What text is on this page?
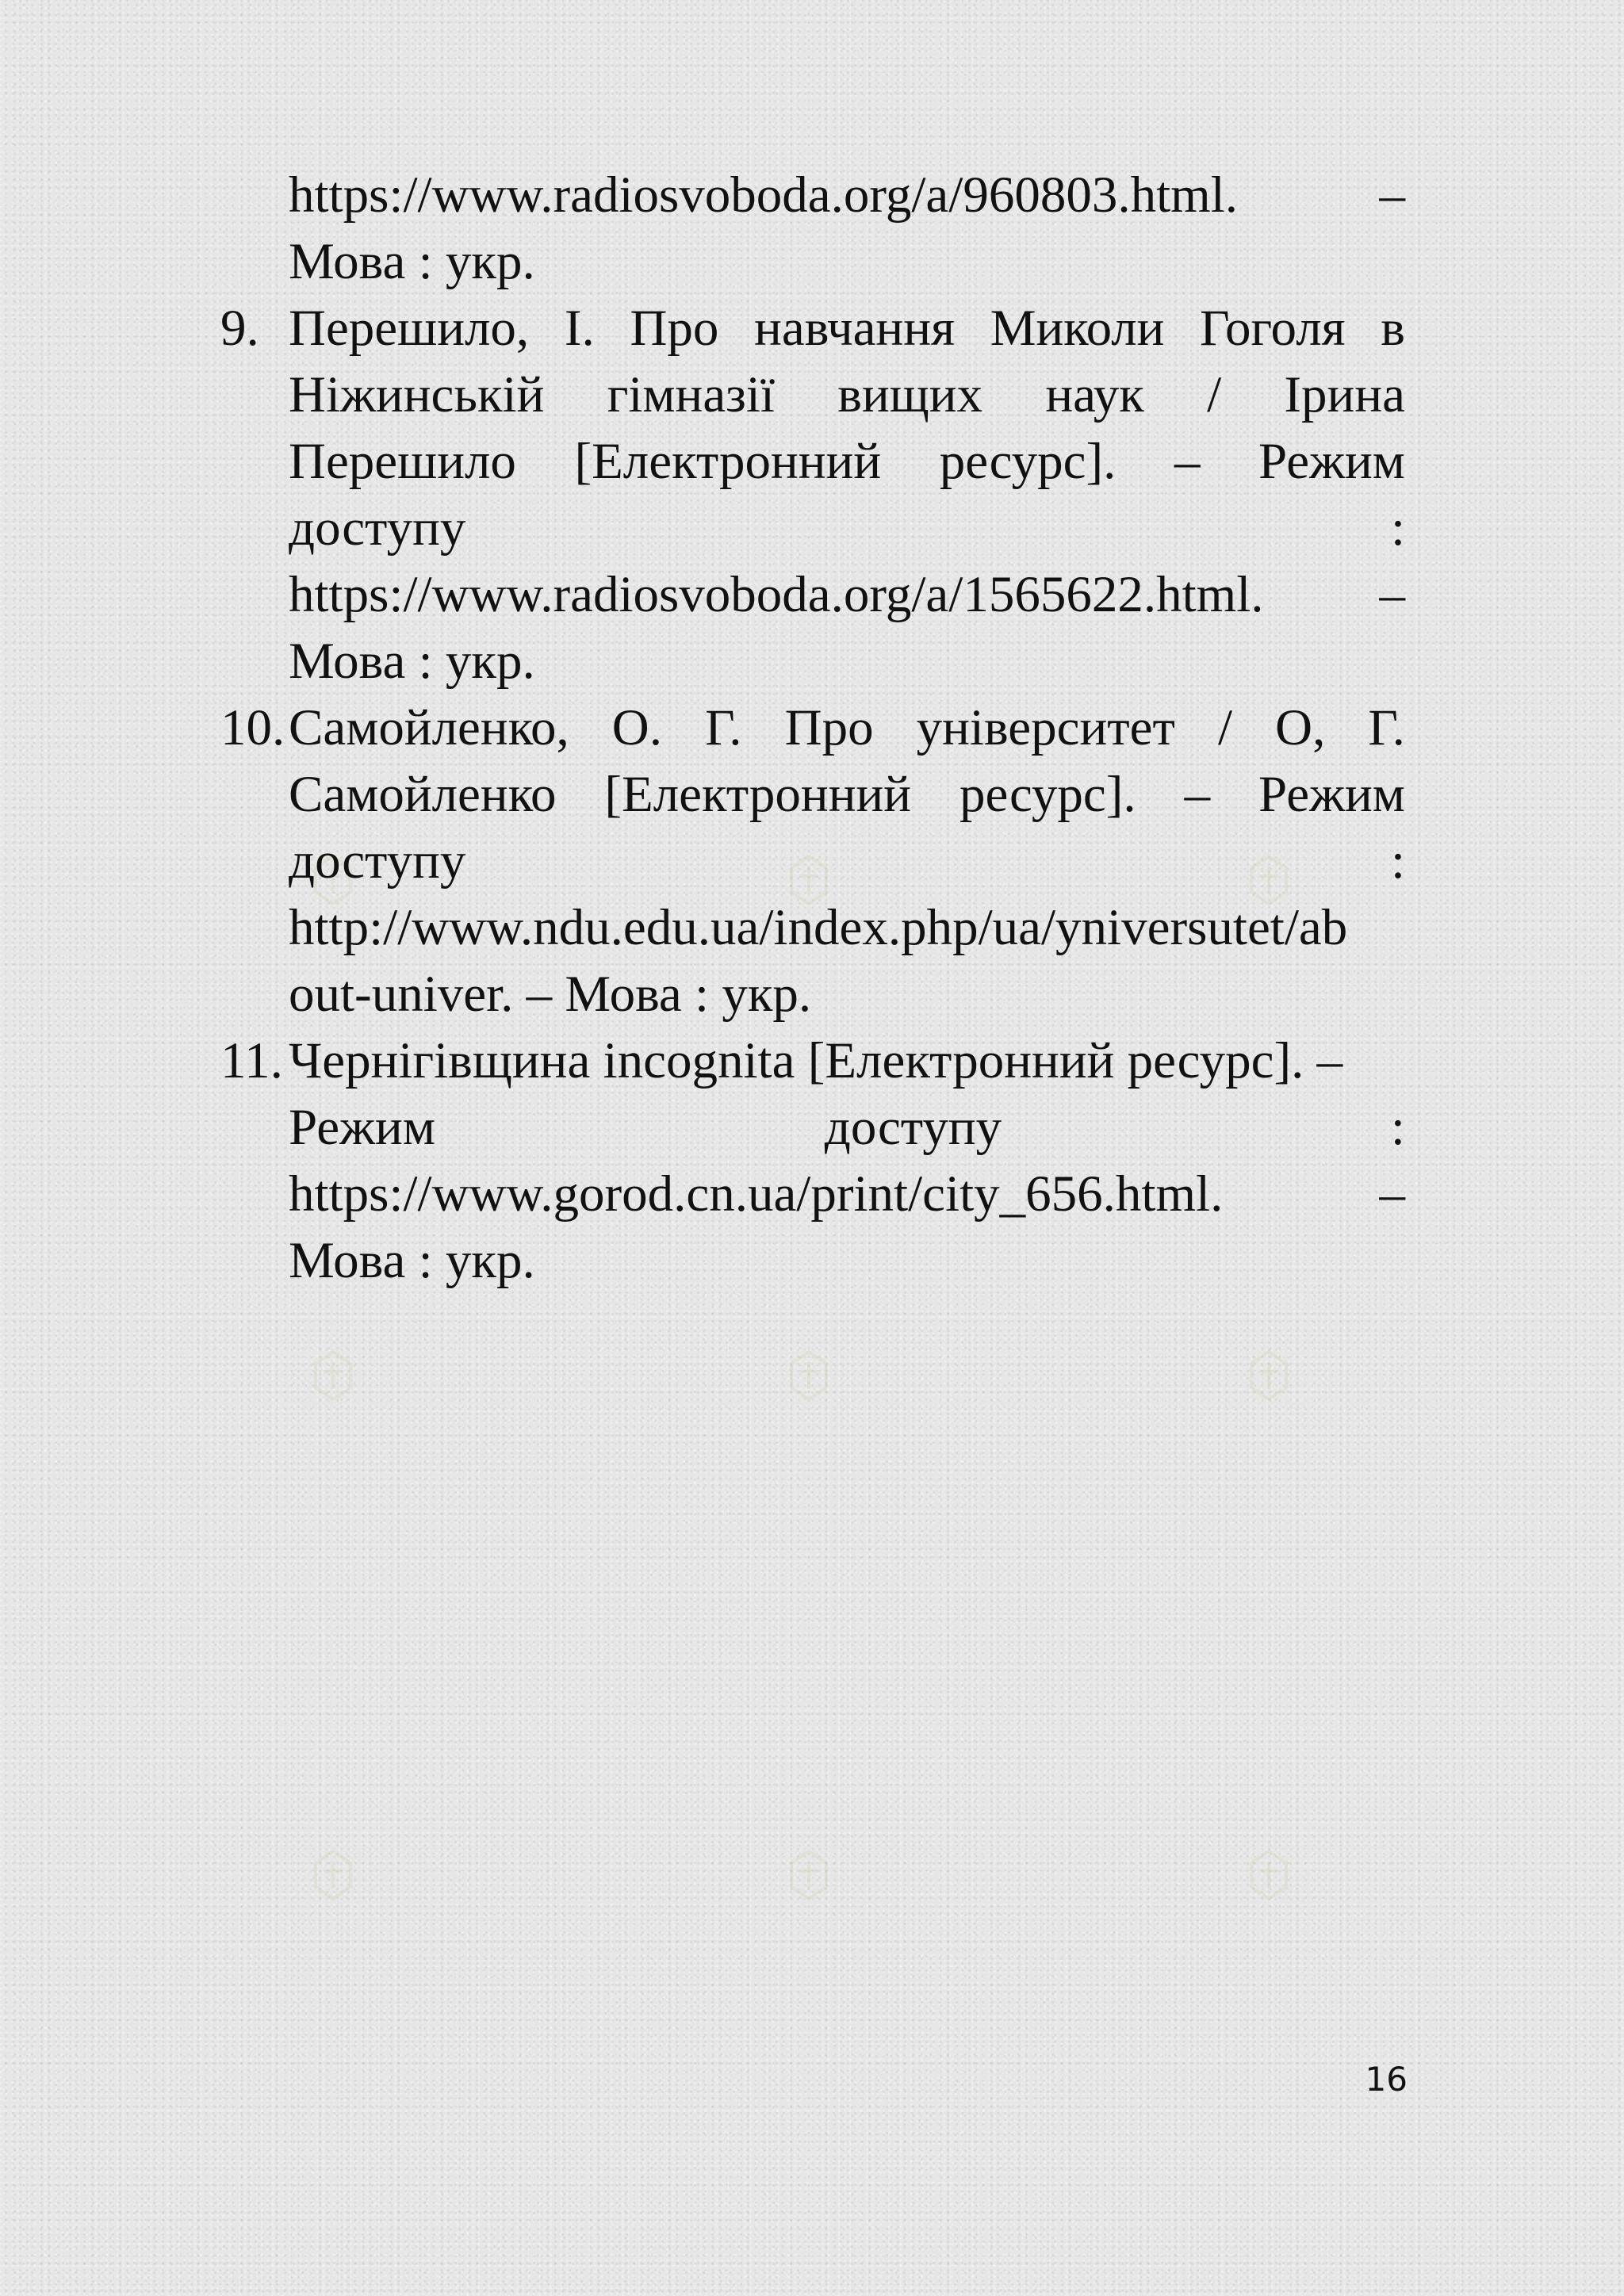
https://www.radiosvoboda.org/a/960803.html.	–
Мова : укр.
9. Перешило, І. Про навчання Миколи Гоголя в
Ніжинській гімназії вищих наук / Ірина
Перешило [Електронний ресурс]. – Режим
доступу	:
https://www.radiosvoboda.org/a/1565622.html. –
Мова : укр.
10. Самойленко, О. Г. Про університет / О, Г.
Самойленко [Електронний ресурс]. – Режим
доступу	:
http://www.ndu.edu.ua/index.php/ua/yniversutet/ab
out-univer. – Мова : укр.
11. Чернігівщина incognita [Електронний ресурс]. –
Режим	доступу	:
https://www.gorod.cn.ua/print/city_656.html.	–
Мова : укр.
16
